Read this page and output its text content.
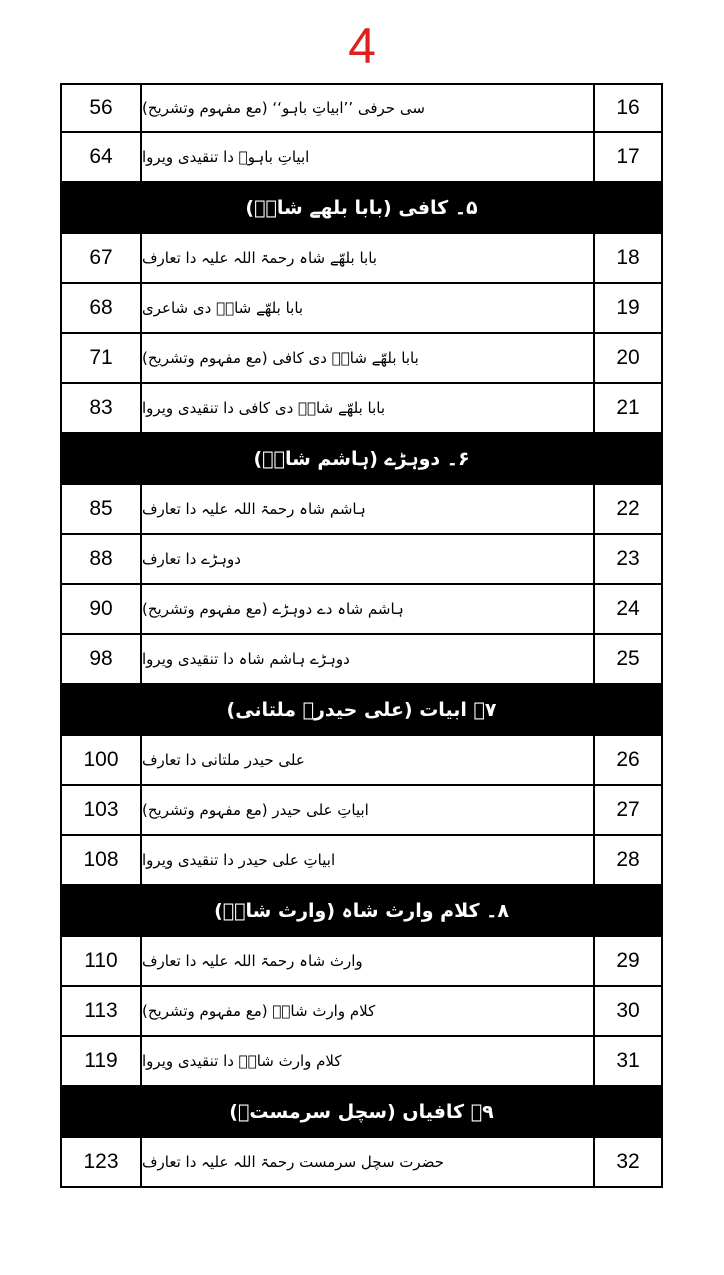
4
56	سی حرفی ’’ابیاتِ باہو‘‘ (مع مفہوم وتشریح)	16
64	ابیاتِ باہوؒ دا تنقیدی ویروا	17
۵۔ کافی (بابا بلھے شاہؒ)
67	بابا بلھّے شاہ رحمۃ اللہ علیہ دا تعارف	18
68	بابا بلھّے شاہؒ دی شاعری	19
71	بابا بلھّے شاہؒ دی کافی (مع مفہوم وتشریح)	20
83	بابا بلھّے شاہؒ دی کافی دا تنقیدی ویروا	21
۶۔ دوہڑے (ہاشم شاہؒ)
85	ہاشم شاہ رحمۃ اللہ علیہ دا تعارف	22
88	دوہڑے دا تعارف	23
90	ہاشم شاہ دے دوہڑے (مع مفہوم وتشریح)	24
98	دوہڑے ہاشم شاہ دا تنقیدی ویروا	25
۷۔ ابیات (علی حیدرؒ ملتانی)
100	علی حیدر ملتانی دا تعارف	26
103	ابیاتِ علی حیدر (مع مفہوم وتشریح)	27
108	ابیاتِ علی حیدر دا تنقیدی ویروا	28
۸۔ کلام وارث شاہ (وارث شاہؒ)
110	وارث شاہ رحمۃ اللہ علیہ دا تعارف	29
113	کلام وارث شاہؒ (مع مفہوم وتشریح)	30
119	کلام وارث شاہؒ دا تنقیدی ویروا	31
۹۔ کافیاں (سچل سرمستؒ)
123	حضرت سچل سرمست رحمۃ اللہ علیہ دا تعارف	32
